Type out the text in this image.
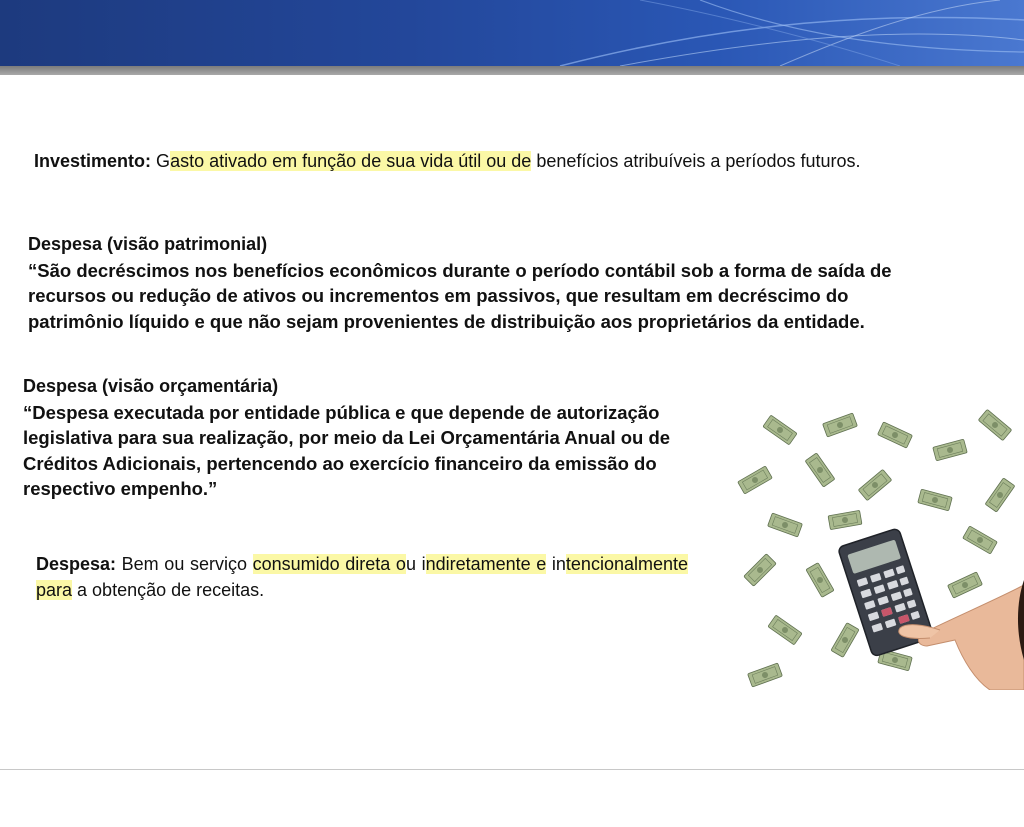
Investimento: Gasto ativado em função de sua vida útil ou de benefícios atribuíveis a períodos futuros.
Despesa (visão patrimonial)
“São decréscimos nos benefícios econômicos durante o período contábil sob a forma de saída de recursos ou redução de ativos ou incrementos em passivos, que resultam em decréscimo do patrimônio líquido e que não sejam provenientes de distribuição aos proprietários da entidade.
Despesa (visão orçamentária)
“Despesa executada por entidade pública e que depende de autorização legislativa para sua realização, por meio da Lei Orçamentária Anual ou de Créditos Adicionais, pertencendo ao exercício financeiro da emissão do respectivo empenho.”
Despesa: Bem ou serviço consumido direta ou indiretamente e intencionalmente para a obtenção de receitas.
